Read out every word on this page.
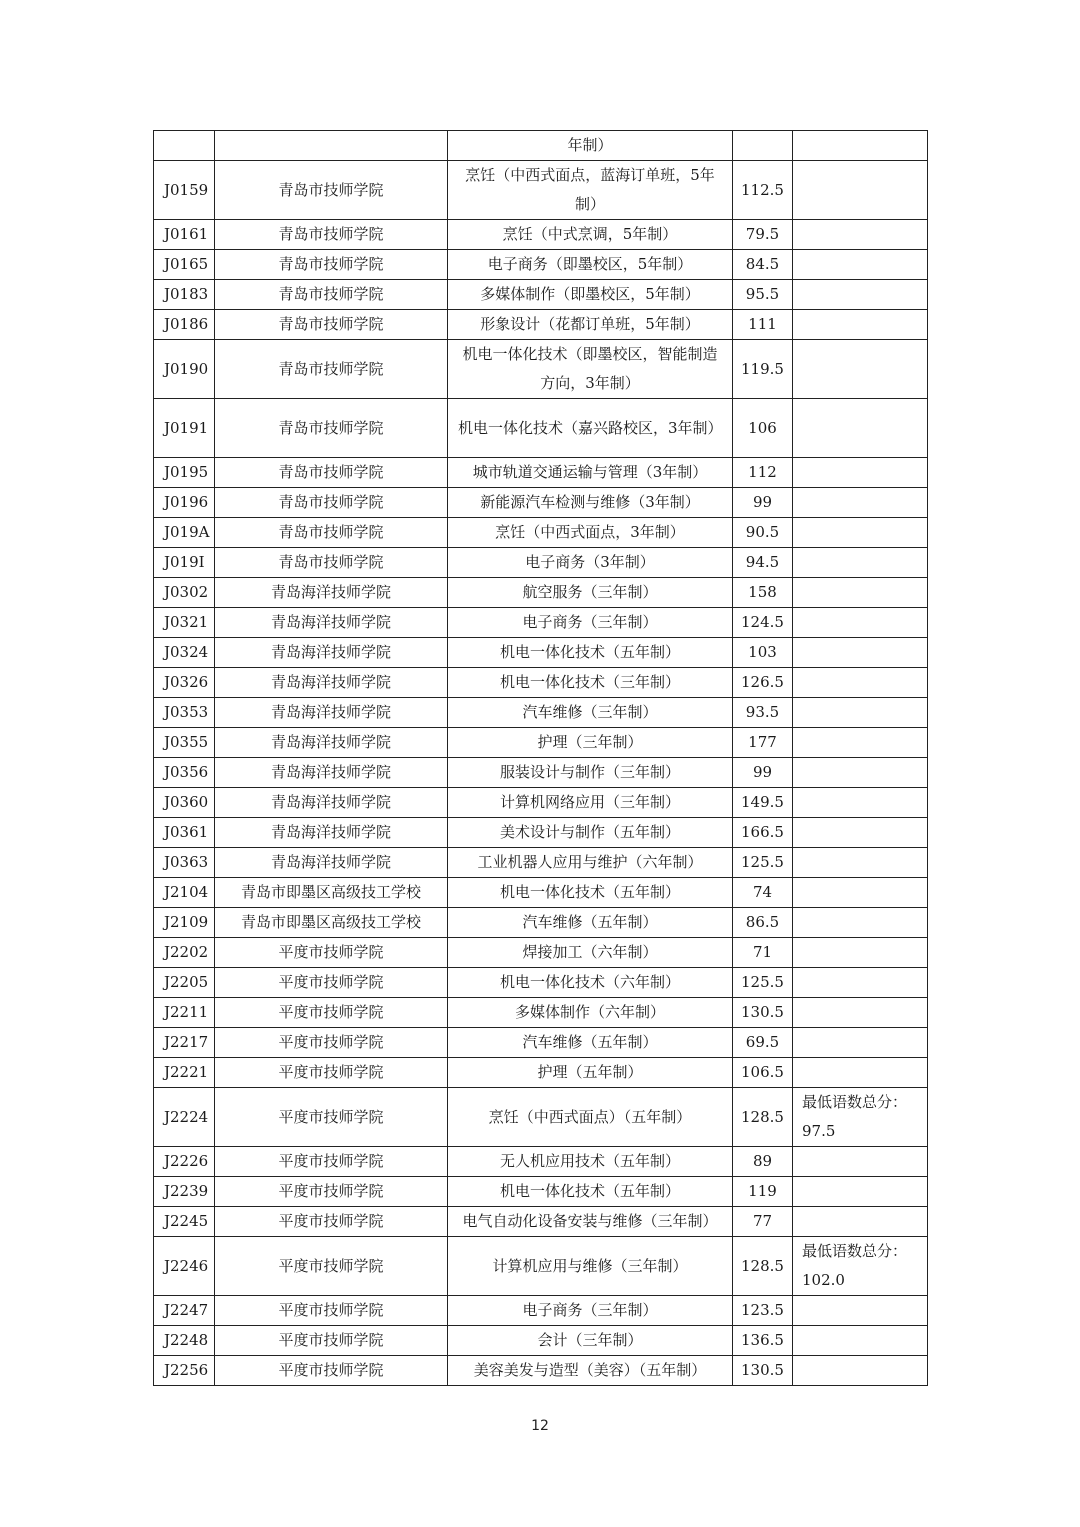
		年制）		
J0159	青岛市技师学院	烹饪（中西式面点，蓝海订单班，5年制）	112.5	
J0161	青岛市技师学院	烹饪（中式烹调，5年制）	79.5	
J0165	青岛市技师学院	电子商务（即墨校区，5年制）	84.5	
J0183	青岛市技师学院	多媒体制作（即墨校区，5年制）	95.5	
J0186	青岛市技师学院	形象设计（花都订单班，5年制）	111	
J0190	青岛市技师学院	机电一体化技术（即墨校区，智能制造方向，3年制）	119.5	
J0191	青岛市技师学院	机电一体化技术（嘉兴路校区，3年制）	106	
J0195	青岛市技师学院	城市轨道交通运输与管理（3年制）	112	
J0196	青岛市技师学院	新能源汽车检测与维修（3年制）	99	
J019A	青岛市技师学院	烹饪（中西式面点，3年制）	90.5	
J019I	青岛市技师学院	电子商务（3年制）	94.5	
J0302	青岛海洋技师学院	航空服务（三年制）	158	
J0321	青岛海洋技师学院	电子商务（三年制）	124.5	
J0324	青岛海洋技师学院	机电一体化技术（五年制）	103	
J0326	青岛海洋技师学院	机电一体化技术（三年制）	126.5	
J0353	青岛海洋技师学院	汽车维修（三年制）	93.5	
J0355	青岛海洋技师学院	护理（三年制）	177	
J0356	青岛海洋技师学院	服装设计与制作（三年制）	99	
J0360	青岛海洋技师学院	计算机网络应用（三年制）	149.5	
J0361	青岛海洋技师学院	美术设计与制作（五年制）	166.5	
J0363	青岛海洋技师学院	工业机器人应用与维护（六年制）	125.5	
J2104	青岛市即墨区高级技工学校	机电一体化技术（五年制）	74	
J2109	青岛市即墨区高级技工学校	汽车维修（五年制）	86.5	
J2202	平度市技师学院	焊接加工（六年制）	71	
J2205	平度市技师学院	机电一体化技术（六年制）	125.5	
J2211	平度市技师学院	多媒体制作（六年制）	130.5	
J2217	平度市技师学院	汽车维修（五年制）	69.5	
J2221	平度市技师学院	护理（五年制）	106.5	
J2224	平度市技师学院	烹饪（中西式面点）（五年制）	128.5	最低语数总分：97.5
J2226	平度市技师学院	无人机应用技术（五年制）	89	
J2239	平度市技师学院	机电一体化技术（五年制）	119	
J2245	平度市技师学院	电气自动化设备安装与维修（三年制）	77	
J2246	平度市技师学院	计算机应用与维修（三年制）	128.5	最低语数总分：102.0
J2247	平度市技师学院	电子商务（三年制）	123.5	
J2248	平度市技师学院	会计（三年制）	136.5	
J2256	平度市技师学院	美容美发与造型（美容）（五年制）	130.5	
12
